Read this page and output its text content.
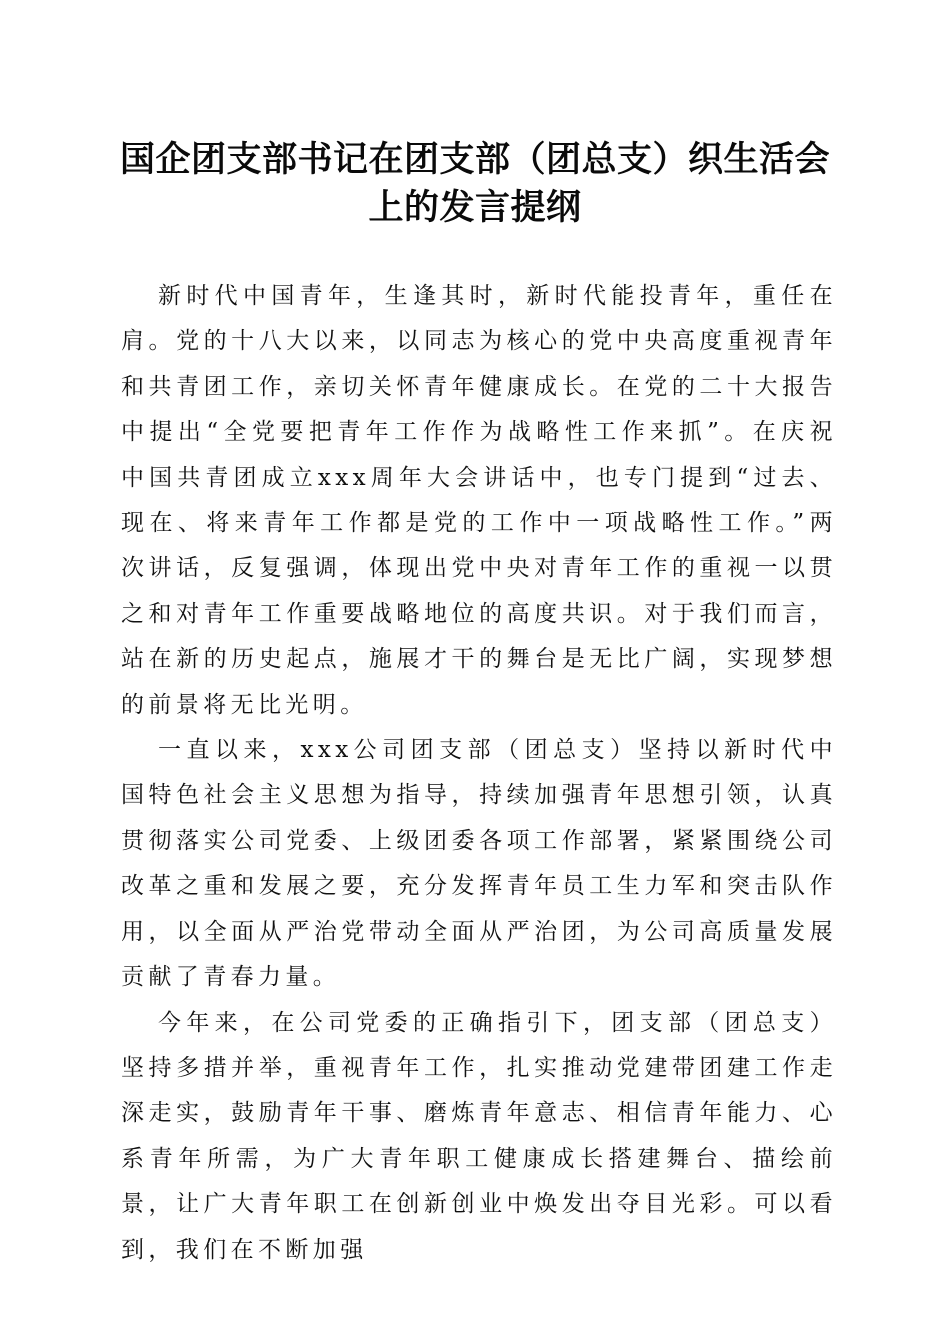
国企团支部书记在团支部（团总支）织生活会
上的发言提纲

新时代中国青年，生逢其时，新时代能投青年，重任在肩。党的十八大以来，以同志为核心的党中央高度重视青年和共青团工作，亲切关怀青年健康成长。在党的二十大报告中提出“全党要把青年工作作为战略性工作来抓”。在庆祝中国共青团成立xxx周年大会讲话中，也专门提到“过去、现在、将来青年工作都是党的工作中一项战略性工作。”两次讲话，反复强调，体现出党中央对青年工作的重视一以贯之和对青年工作重要战略地位的高度共识。对于我们而言，站在新的历史起点，施展才干的舞台是无比广阔，实现梦想的前景将无比光明。

一直以来，xxx公司团支部（团总支）坚持以新时代中国特色社会主义思想为指导，持续加强青年思想引领，认真贯彻落实公司党委、上级团委各项工作部署，紧紧围绕公司改革之重和发展之要，充分发挥青年员工生力军和突击队作用，以全面从严治党带动全面从严治团，为公司高质量发展贡献了青春力量。

今年来，在公司党委的正确指引下，团支部（团总支）坚持多措并举，重视青年工作，扎实推动党建带团建工作走深走实，鼓励青年干事、磨炼青年意志、相信青年能力、心系青年所需，为广大青年职工健康成长搭建舞台、描绘前景，让广大青年职工在创新创业中焕发出夺目光彩。可以看到，我们在不断加强
